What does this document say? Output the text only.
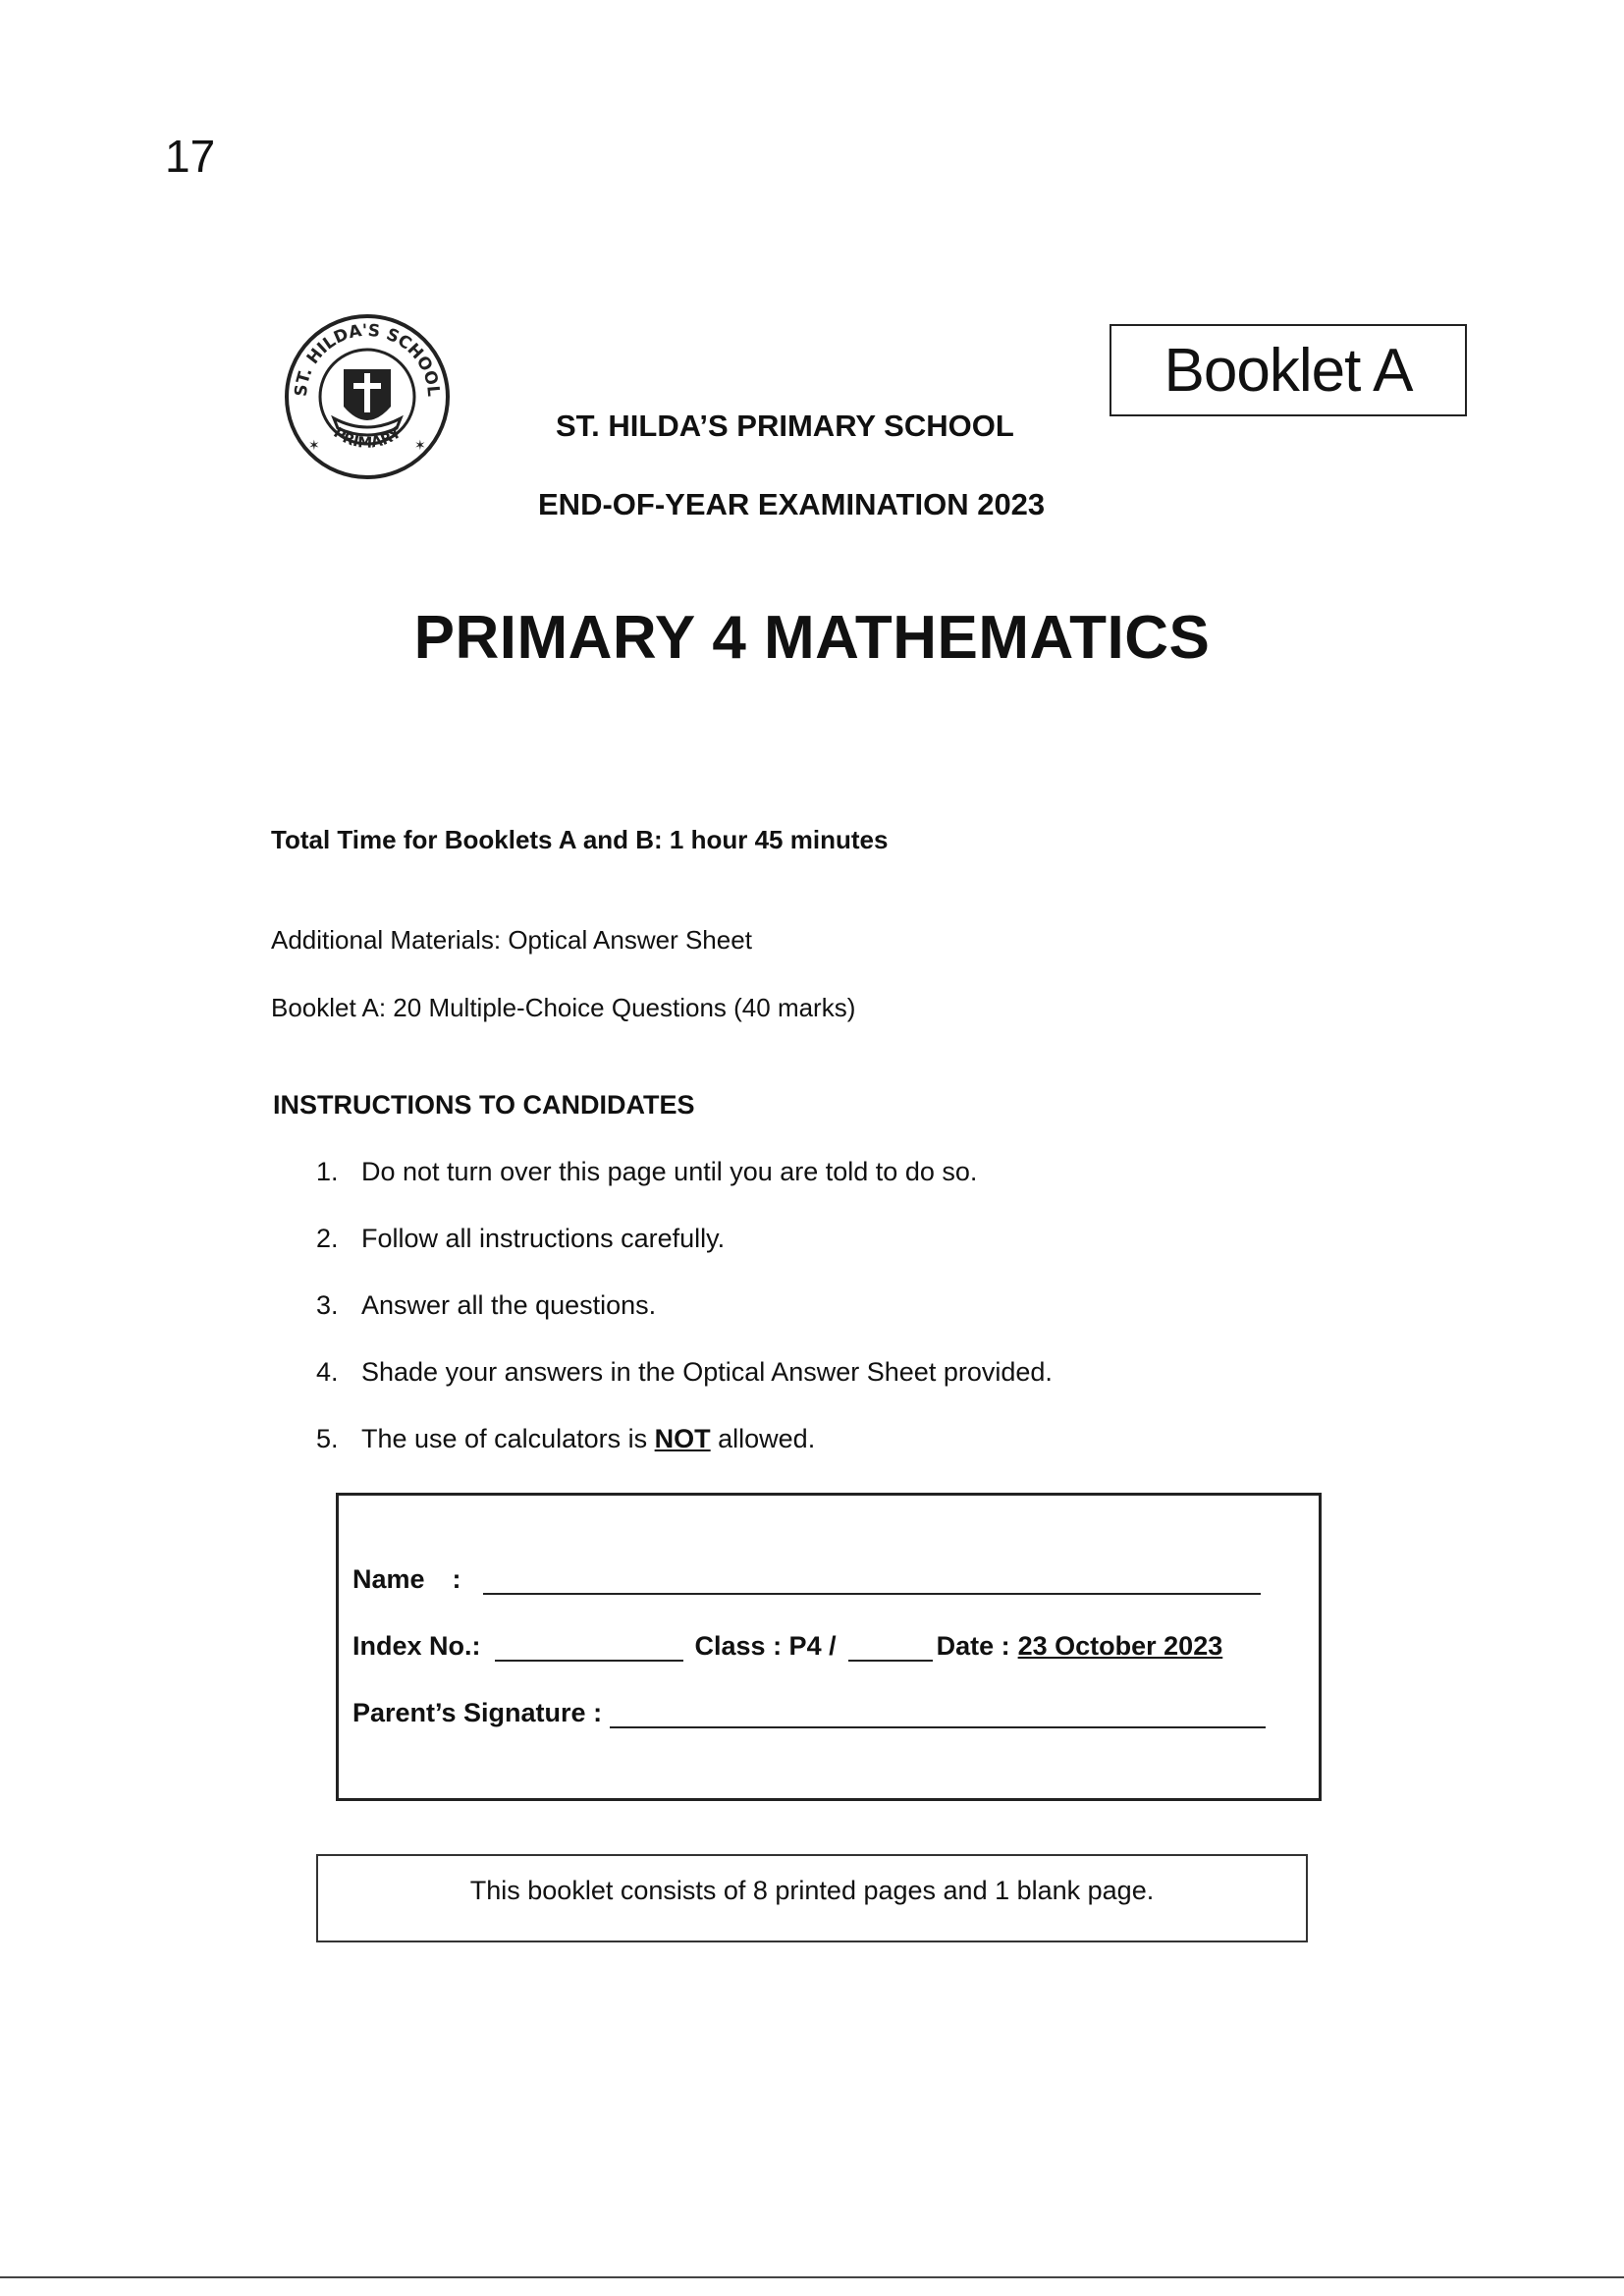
17
ST. HILDA'S SCHOOL
PRIMARY
✶	✶
Booklet A
ST. HILDA’S PRIMARY SCHOOL
END-OF-YEAR EXAMINATION 2023
PRIMARY 4 MATHEMATICS
Total Time for Booklets A and B: 1 hour 45 minutes
Additional Materials: Optical Answer Sheet
Booklet A: 20 Multiple-Choice Questions (40 marks)
INSTRUCTIONS TO CANDIDATES
1. Do not turn over this page until you are told to do so.
2. Follow all instructions carefully.
3. Answer all the questions.
4. Shade your answers in the Optical Answer Sheet provided.
5. The use of calculators is NOT allowed.
Name :
Index No.:	Class : P4 /	Date : 23 October 2023
Parent’s Signature :
This booklet consists of 8 printed pages and 1 blank page.
